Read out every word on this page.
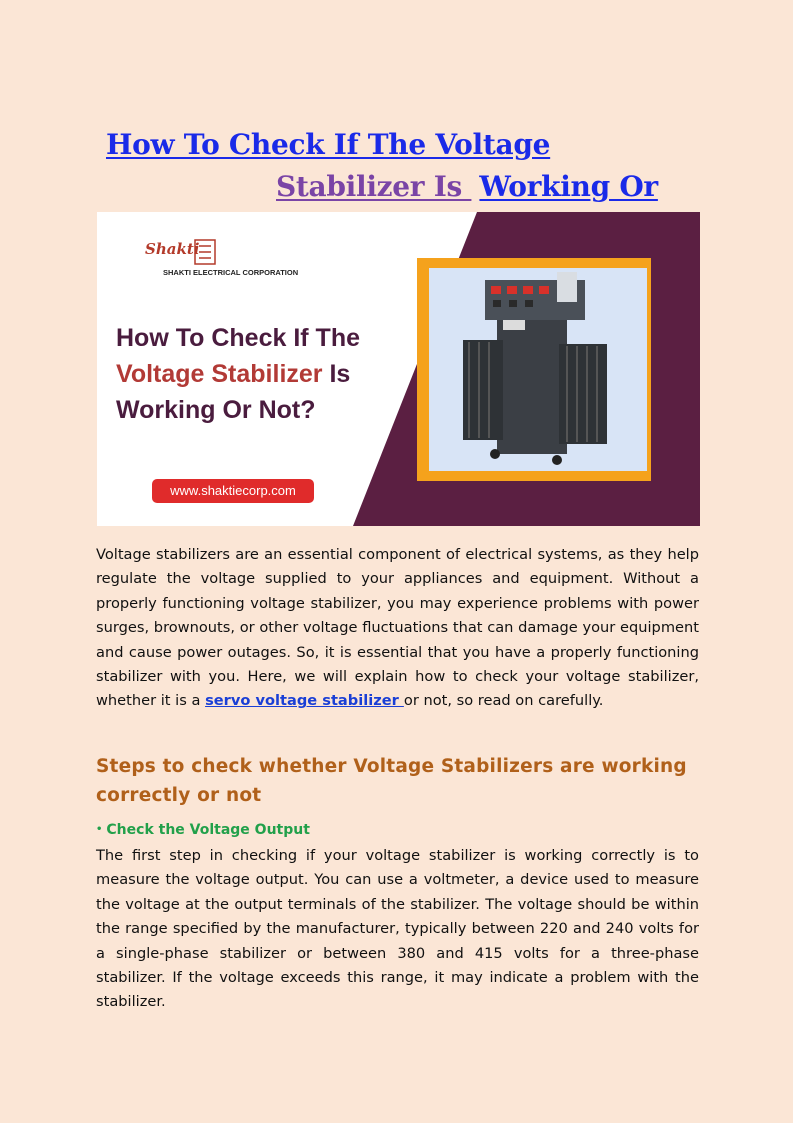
How To Check If The Voltage
Stabilizer Is Working Or
Shakti
SHAKTI ELECTRICAL CORPORATION
How To Check If The
Voltage Stabilizer Is
Working Or Not?
www.shaktiecorp.com
Voltage stabilizers are an essential component of electrical systems, as they help regulate the voltage supplied to your appliances and equipment. Without a properly functioning voltage stabilizer, you may experience problems with power surges, brownouts, or other voltage fluctuations that can damage your equipment and cause power outages. So, it is essential that you have a properly functioning stabilizer with you. Here, we will explain how to check your voltage stabilizer, whether it is a servo voltage stabilizer or not, so read on carefully.
Steps to check whether Voltage Stabilizers are working correctly or not
• Check the Voltage Output
The first step in checking if your voltage stabilizer is working correctly is to measure the voltage output. You can use a voltmeter, a device used to measure the voltage at the output terminals of the stabilizer. The voltage should be within the range specified by the manufacturer, typically between 220 and 240 volts for a single-phase stabilizer or between 380 and 415 volts for a three-phase stabilizer. If the voltage exceeds this range, it may indicate a problem with the stabilizer.
